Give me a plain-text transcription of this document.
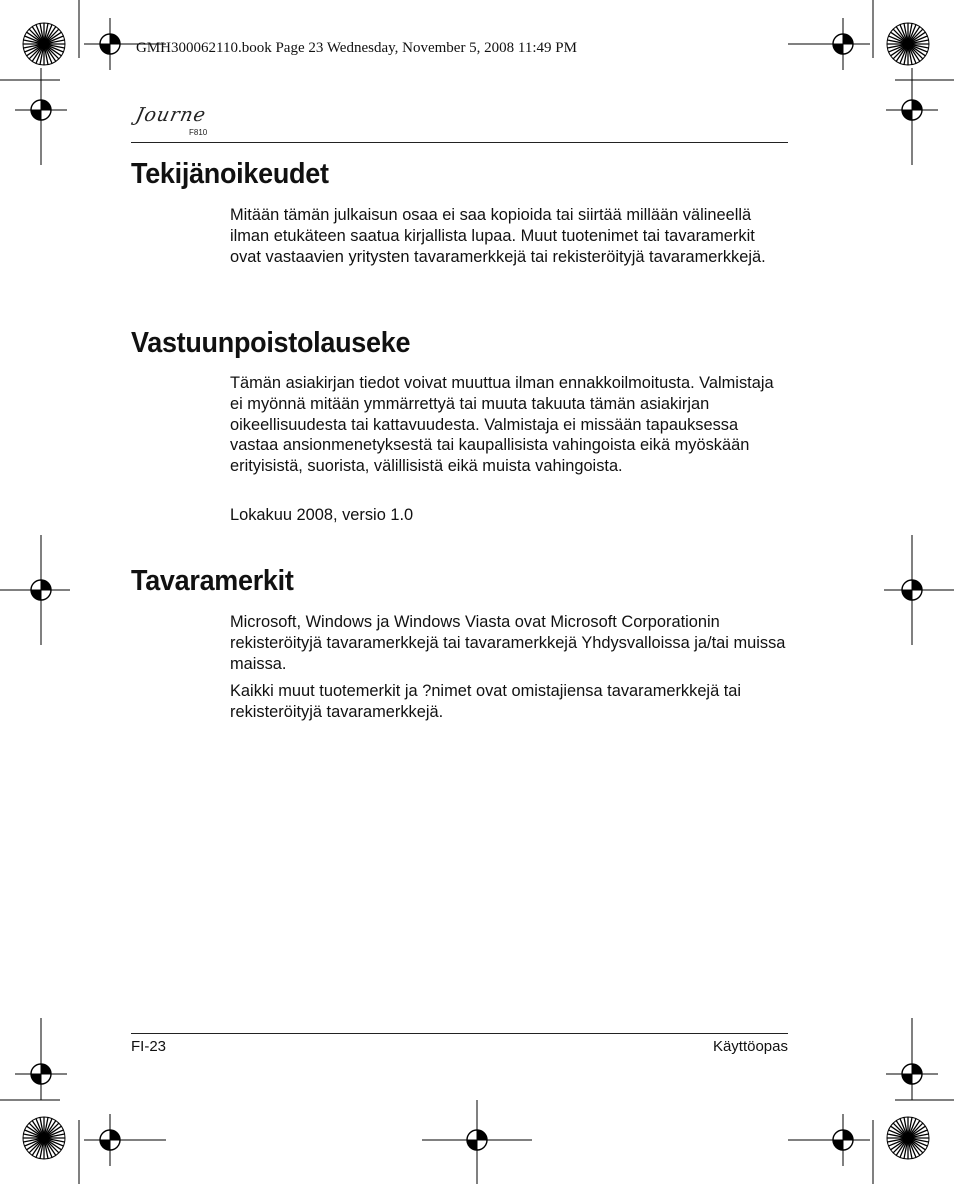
GMH300062110.book Page 23 Wednesday, November 5, 2008 11:49 PM
Journe
F810
Tekijänoikeudet
Mitään tämän julkaisun osaa ei saa kopioida tai siirtää millään välineellä ilman etukäteen saatua kirjallista lupaa. Muut tuotenimet tai tavaramerkit ovat vastaavien yritysten tavaramerkkejä tai rekisteröityjä tavaramerkkejä.
Vastuunpoistolauseke
Tämän asiakirjan tiedot voivat muuttua ilman ennakkoilmoitusta. Valmistaja ei myönnä mitään ymmärrettyä tai muuta takuuta tämän asiakirjan oikeellisuudesta tai kattavuudesta. Valmistaja ei missään tapauksessa vastaa ansionmenetyksestä tai kaupallisista vahingoista eikä myöskään erityisistä, suorista, välillisistä eikä muista vahingoista.
Lokakuu 2008, versio 1.0
Tavaramerkit
Microsoft, Windows ja Windows Viasta ovat Microsoft Corporationin rekisteröityjä tavaramerkkejä tai tavaramerkkejä Yhdysvalloissa ja/tai muissa maissa.
Kaikki muut tuotemerkit ja ?nimet ovat omistajiensa tavaramerkkejä tai rekisteröityjä tavaramerkkejä.
FI-23	Käyttöopas
